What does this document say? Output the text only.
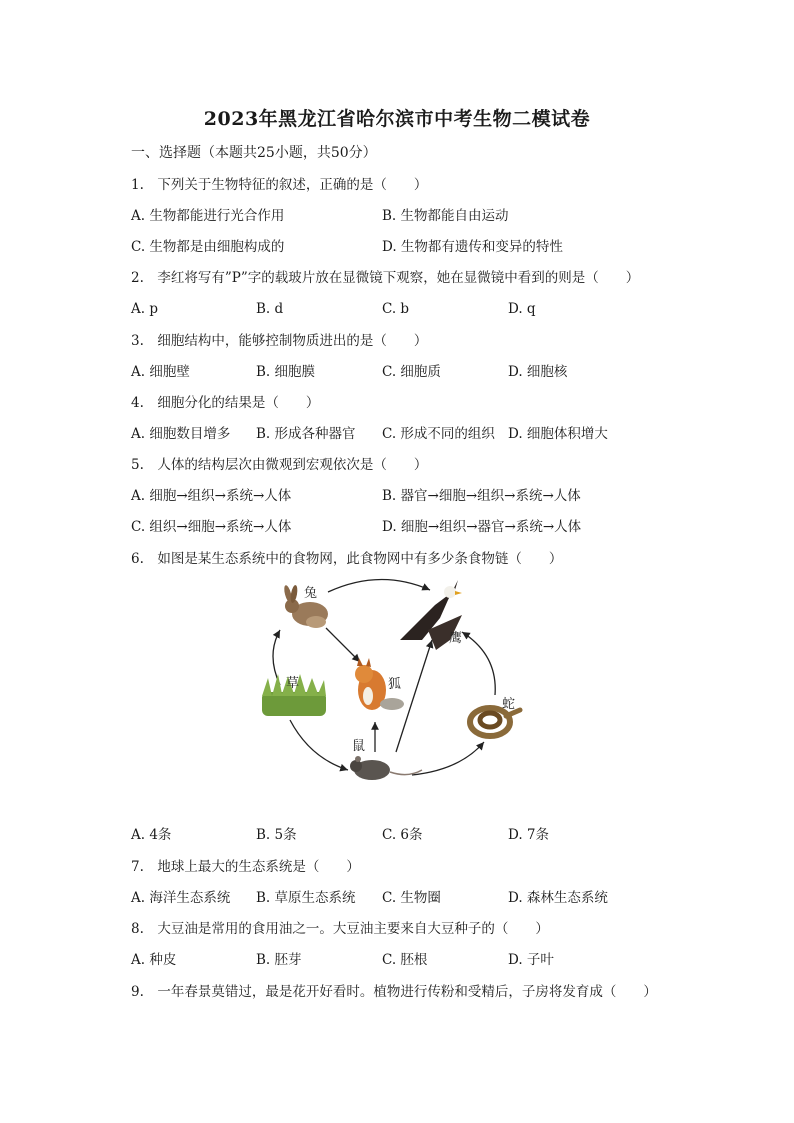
2023年黑龙江省哈尔滨市中考生物二模试卷
一、选择题（本题共25小题，共50分）
1.　下列关于生物特征的叙述，正确的是（　　）
A. 生物都能进行光合作用	B. 生物都能自由运动
C. 生物都是由细胞构成的	D. 生物都有遗传和变异的特性
2.　李红将写有”P”字的载玻片放在显微镜下观察，她在显微镜中看到的则是（　　）
A. p	B. d	C. b	D. q
3.　细胞结构中，能够控制物质进出的是（　　）
A. 细胞壁	B. 细胞膜	C. 细胞质	D. 细胞核
4.　细胞分化的结果是（　　）
A. 细胞数目增多 B. 形成各种器官 C. 形成不同的组织 D. 细胞体积增大
5.　人体的结构层次由微观到宏观依次是（　　）
A. 细胞→组织→系统→人体	B. 器官→细胞→组织→系统→人体
C. 组织→细胞→系统→人体	D. 细胞→组织→器官→系统→人体
6.　如图是某生态系统中的食物网，此食物网中有多少条食物链（　　）
兔
鹰
草	狐
蛇
鼠
A. 4条	B. 5条	C. 6条	D. 7条
7.　地球上最大的生态系统是（　　）
A. 海洋生态系统 B. 草原生态系统 C. 生物圈	D. 森林生态系统
8.　大豆油是常用的食用油之一。大豆油主要来自大豆种子的（　　）
A. 种皮	B. 胚芽	C. 胚根	D. 子叶
9.　一年春景莫错过，最是花开好看时。植物进行传粉和受精后，子房将发育成（　　）
